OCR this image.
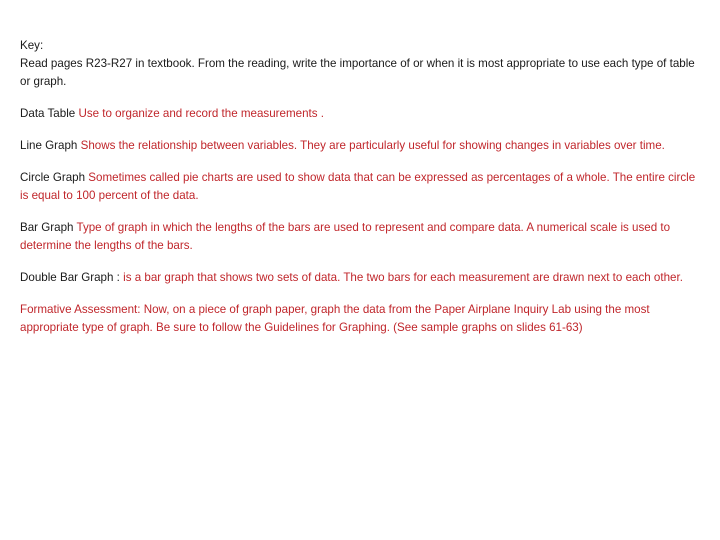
Key:

Read pages R23-R27 in textbook. From the reading, write the importance of or when it is most appropriate to use each type of table or graph.

Data Table Use to organize and record the measurements .

Line Graph Shows the relationship between variables. They are particularly useful for showing changes in variables over time.

Circle Graph Sometimes called pie charts are used to show data that can be expressed as percentages of a whole. The entire circle is equal to 100 percent of the data.

Bar Graph Type of graph in which the lengths of the bars are used to represent and compare data. A numerical scale is used to determine the lengths of the bars.

Double Bar Graph : is a bar graph that shows two sets of data. The two bars for each measurement are drawn next to each other.

Formative Assessment: Now, on a piece of graph paper, graph the data from the Paper Airplane Inquiry Lab using the most appropriate type of graph. Be sure to follow the Guidelines for Graphing. (See sample graphs on slides 61-63)
